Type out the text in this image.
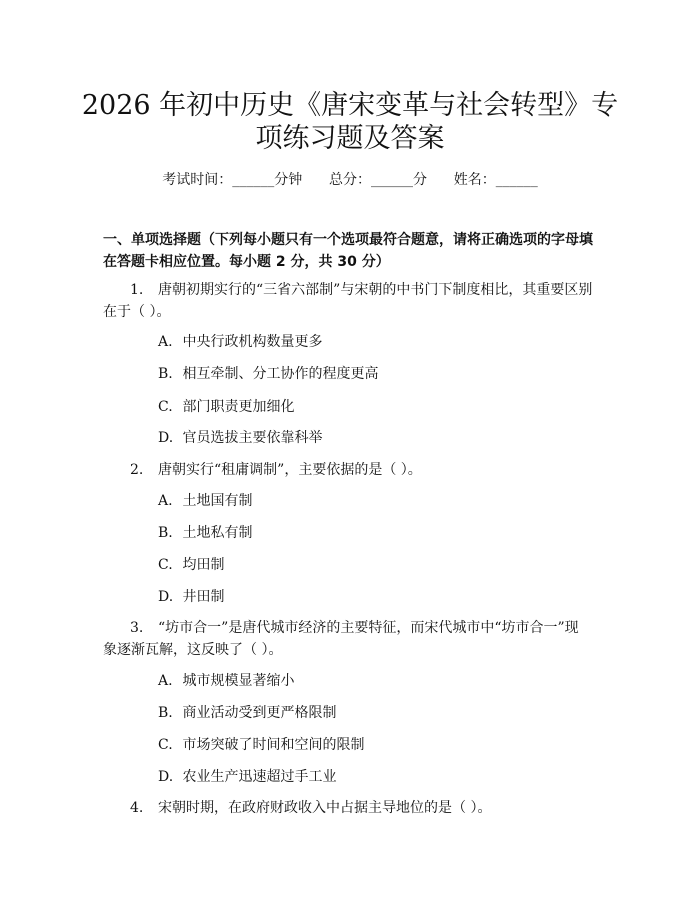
2026 年初中历史《唐宋变革与社会转型》专
项练习题及答案
考试时间：______分钟      总分：______分      姓名：______
一、单项选择题（下列每小题只有一个选项最符合题意，请将正确选项的字母填
在答题卡相应位置。每小题 2 分，共 30 分）
1. 唐朝初期实行的“三省六部制”与宋朝的中书门下制度相比，其重要区别
在于（ ）。
A. 中央行政机构数量更多
B. 相互牵制、分工协作的程度更高
C. 部门职责更加细化
D. 官员选拔主要依靠科举
2. 唐朝实行“租庸调制”，主要依据的是（ ）。
A. 土地国有制
B. 土地私有制
C. 均田制
D. 井田制
3. “坊市合一”是唐代城市经济的主要特征，而宋代城市中“坊市合一”现
象逐渐瓦解，这反映了（ ）。
A. 城市规模显著缩小
B. 商业活动受到更严格限制
C. 市场突破了时间和空间的限制
D. 农业生产迅速超过手工业
4. 宋朝时期，在政府财政收入中占据主导地位的是（ ）。
